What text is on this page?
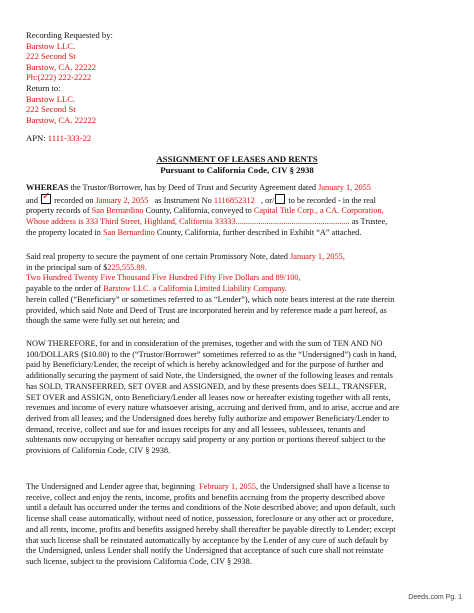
Recording Requested by:
Barstow LLC.
222 Second St
Barstow, CA. 22222
Ph:(222) 222-2222
Return to:
Barstow LLC.
222 Second St
Barstow, CA. 22222
APN: 1111-333-22
ASSIGNMENT OF LEASES AND RENTS
Pursuant to California Code, CIV § 2938
WHEREAS the Trustor/Borrower, has by Deed of Trust and Security Agreement dated January 1, 2055
and ✓ recorded on January 2, 2055 as Instrument No 1116852312 , or/ to be recorded - in the real
property records of San Bernardino County, California, conveyed to Capital Title Corp., a CA. Corporation,
Whose address is 333 Third Street, Highland, California 33333....................................................... as Trustee,
the property located in San Bernardino County, California, further described in Exhibit “A” attached.
Said real property to secure the payment of one certain Promissory Note, dated January 1, 2055,
in the principal sum of $225,555.89.
Two Hundred Twenty Five Thousand Five Hundred Fifty Five Dollars and 89/100,
payable to the order of Barstow LLC. a California Limited Liability Company.
herein called (“Beneficiary” or sometimes referred to as “Lender”), which note bears interest at the rate therein
provided, which said Note and Deed of Trust are incorporated herein and by reference made a part hereof, as
though the same were fully set out herein; and
NOW THEREFORE, for and in consideration of the premises, together and with the sum of TEN AND NO
100/DOLLARS ($10.00) to the (“Trustor/Borrower” sometimes referred to as the “Undersigned”) cash in hand,
paid by Beneficiary/Lender, the receipt of which is hereby acknowledged and for the purpose of further and
additionally securing the payment of said Note, the Undersigned, the owner of the following leases and rentals
has SOLD, TRANSFERRED, SET OVER and ASSIGNED, and by these presents does SELL, TRANSFER,
SET OVER and ASSIGN, onto Beneficiary/Lender all leases now or hereafter existing together with all rents,
revenues and income of every nature whatsoever arising, accruing and derived from, and to arise, accrue and are
derived from all leases; and the Undersigned does hereby fully authorize and empower Beneficiary/Lender to
demand, receive, collect and sue for and issues receipts for any and all lessees, sublessees, tenants and
subtenants now occupying or hereafter occupy said property or any portion or portions thereof subject to the
provisions of California Code, CIV § 2938.
The Undersigned and Lender agree that, beginning February 1, 2055, the Undersigned shall have a license to
receive, collect and enjoy the rents, income, profits and benefits accruing from the property described above
until a default has occurred under the terms and conditions of the Note described above; and upon default, such
license shall cease automatically, without need of notice, possession, foreclosure or any other act or procedure,
and all rents, income, profits and benefits assigned hereby shall thereafter be payable directly to Lender; except
that such license shall be reinstated automatically by acceptance by the Lender of any cure of such default by
the Undersigned, unless Lender shall notify the Undersigned that acceptance of such cure shall not reinstate
such license, subject to the provisions California Code, CIV § 2938.
Deeds.com Pg. 1
